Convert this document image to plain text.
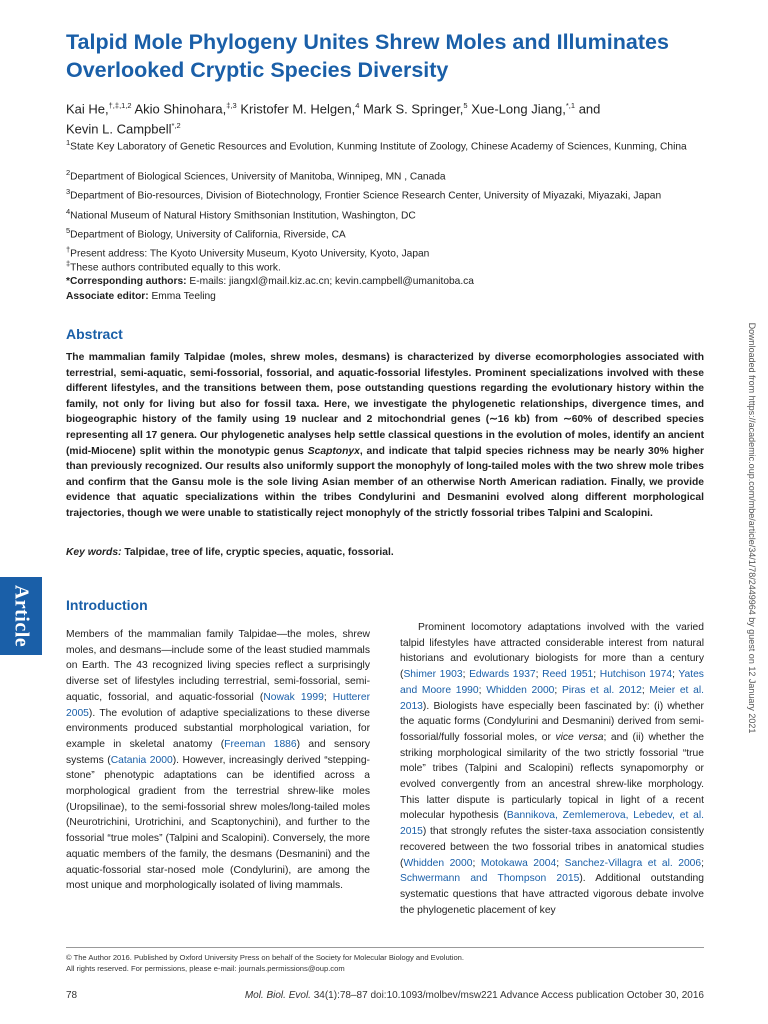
Talpid Mole Phylogeny Unites Shrew Moles and Illuminates Overlooked Cryptic Species Diversity
Kai He,$^{\dagger,\ddagger,1,2}$ Akio Shinohara,$^{\ddagger,3}$ Kristofer M. Helgen,$^4$ Mark S. Springer,$^5$ Xue-Long Jiang,$^{*,1}$ and
Kevin L. Campbell$^{*,2}$
$^1$State Key Laboratory of Genetic Resources and Evolution, Kunming Institute of Zoology, Chinese Academy of Sciences, Kunming, China
$^2$Department of Biological Sciences, University of Manitoba, Winnipeg, MN , Canada
$^3$Department of Bio-resources, Division of Biotechnology, Frontier Science Research Center, University of Miyazaki, Miyazaki, Japan
$^4$National Museum of Natural History Smithsonian Institution, Washington, DC
$^5$Department of Biology, University of California, Riverside, CA
†Present address: The Kyoto University Museum, Kyoto University, Kyoto, Japan
‡These authors contributed equally to this work.
*Corresponding authors: E-mails: jiangxl@mail.kiz.ac.cn; kevin.campbell@umanitoba.ca
Associate editor: Emma Teeling
Abstract
The mammalian family Talpidae (moles, shrew moles, desmans) is characterized by diverse ecomorphologies associated with terrestrial, semi-aquatic, semi-fossorial, fossorial, and aquatic-fossorial lifestyles. Prominent specializations involved with these different lifestyles, and the transitions between them, pose outstanding questions regarding the evolutionary history within the family, not only for living but also for fossil taxa. Here, we investigate the phylogenetic relationships, divergence times, and biogeographic history of the family using 19 nuclear and 2 mitochondrial genes (∼16 kb) from ∼60% of described species representing all 17 genera. Our phylogenetic analyses help settle classical questions in the evolution of moles, identify an ancient (mid-Miocene) split within the monotypic genus Scaptonyx, and indicate that talpid species richness may be nearly 30% higher than previously recognized. Our results also uniformly support the monophyly of long-tailed moles with the two shrew mole tribes and confirm that the Gansu mole is the sole living Asian member of an otherwise North American radiation. Finally, we provide evidence that aquatic specializations within the tribes Condylurini and Desmanini evolved along different morphological trajectories, though we were unable to statistically reject monophyly of the strictly fossorial tribes Talpini and Scalopini.
Key words: Talpidae, tree of life, cryptic species, aquatic, fossorial.
Article	Downloaded from https://academic.oup.com/mbe/article/34/1/78/2449964 by guest on 12 January 2021
Introduction
Members of the mammalian family Talpidae—the moles, shrew moles, and desmans—include some of the least studied mammals on Earth. The 43 recognized living species reflect a surprisingly diverse set of lifestyles including terrestrial, semi-fossorial, semi-aquatic, fossorial, and aquatic-fossorial (Nowak 1999; Hutterer 2005). The evolution of adaptive specializations to these diverse environments produced substantial morphological variation, for example in skeletal anatomy (Freeman 1886) and sensory systems (Catania 2000). However, increasingly derived “stepping-stone” phenotypic adaptations can be identified across a morphological gradient from the terrestrial shrew-like moles (Uropsilinae), to the semi-fossorial shrew moles/long-tailed moles (Neurotrichini, Urotrichini, and Scaptonychini), and further to the fossorial “true moles” (Talpini and Scalopini). Conversely, the more aquatic members of the family, the desmans (Desmanini) and the aquatic-fossorial star-nosed mole (Condylurini), are among the most unique and morphologically isolated of living mammals.
Prominent locomotory adaptations involved with the varied talpid lifestyles have attracted considerable interest from natural historians and evolutionary biologists for more than a century (Shimer 1903; Edwards 1937; Reed 1951; Hutchison 1974; Yates and Moore 1990; Whidden 2000; Piras et al. 2012; Meier et al. 2013). Biologists have especially been fascinated by: (i) whether the aquatic forms (Condylurini and Desmanini) derived from semi-fossorial/fully fossorial moles, or vice versa; and (ii) whether the striking morphological similarity of the two strictly fossorial “true mole” tribes (Talpini and Scalopini) reflects synapomorphy or evolved convergently from an ancestral shrew-like morphology. This latter dispute is particularly topical in light of a recent molecular hypothesis (Bannikova, Zemlemerova, Lebedev, et al. 2015) that strongly refutes the sister-taxa association consistently recovered between the two fossorial tribes in anatomical studies (Whidden 2000; Motokawa 2004; Sanchez-Villagra et al. 2006; Schwermann and Thompson 2015). Additional outstanding systematic questions that have attracted vigorous debate involve the phylogenetic placement of key
© The Author 2016. Published by Oxford University Press on behalf of the Society for Molecular Biology and Evolution.
All rights reserved. For permissions, please e-mail: journals.permissions@oup.com
78	Mol. Biol. Evol. 34(1):78–87 doi:10.1093/molbev/msw221 Advance Access publication October 30, 2016
